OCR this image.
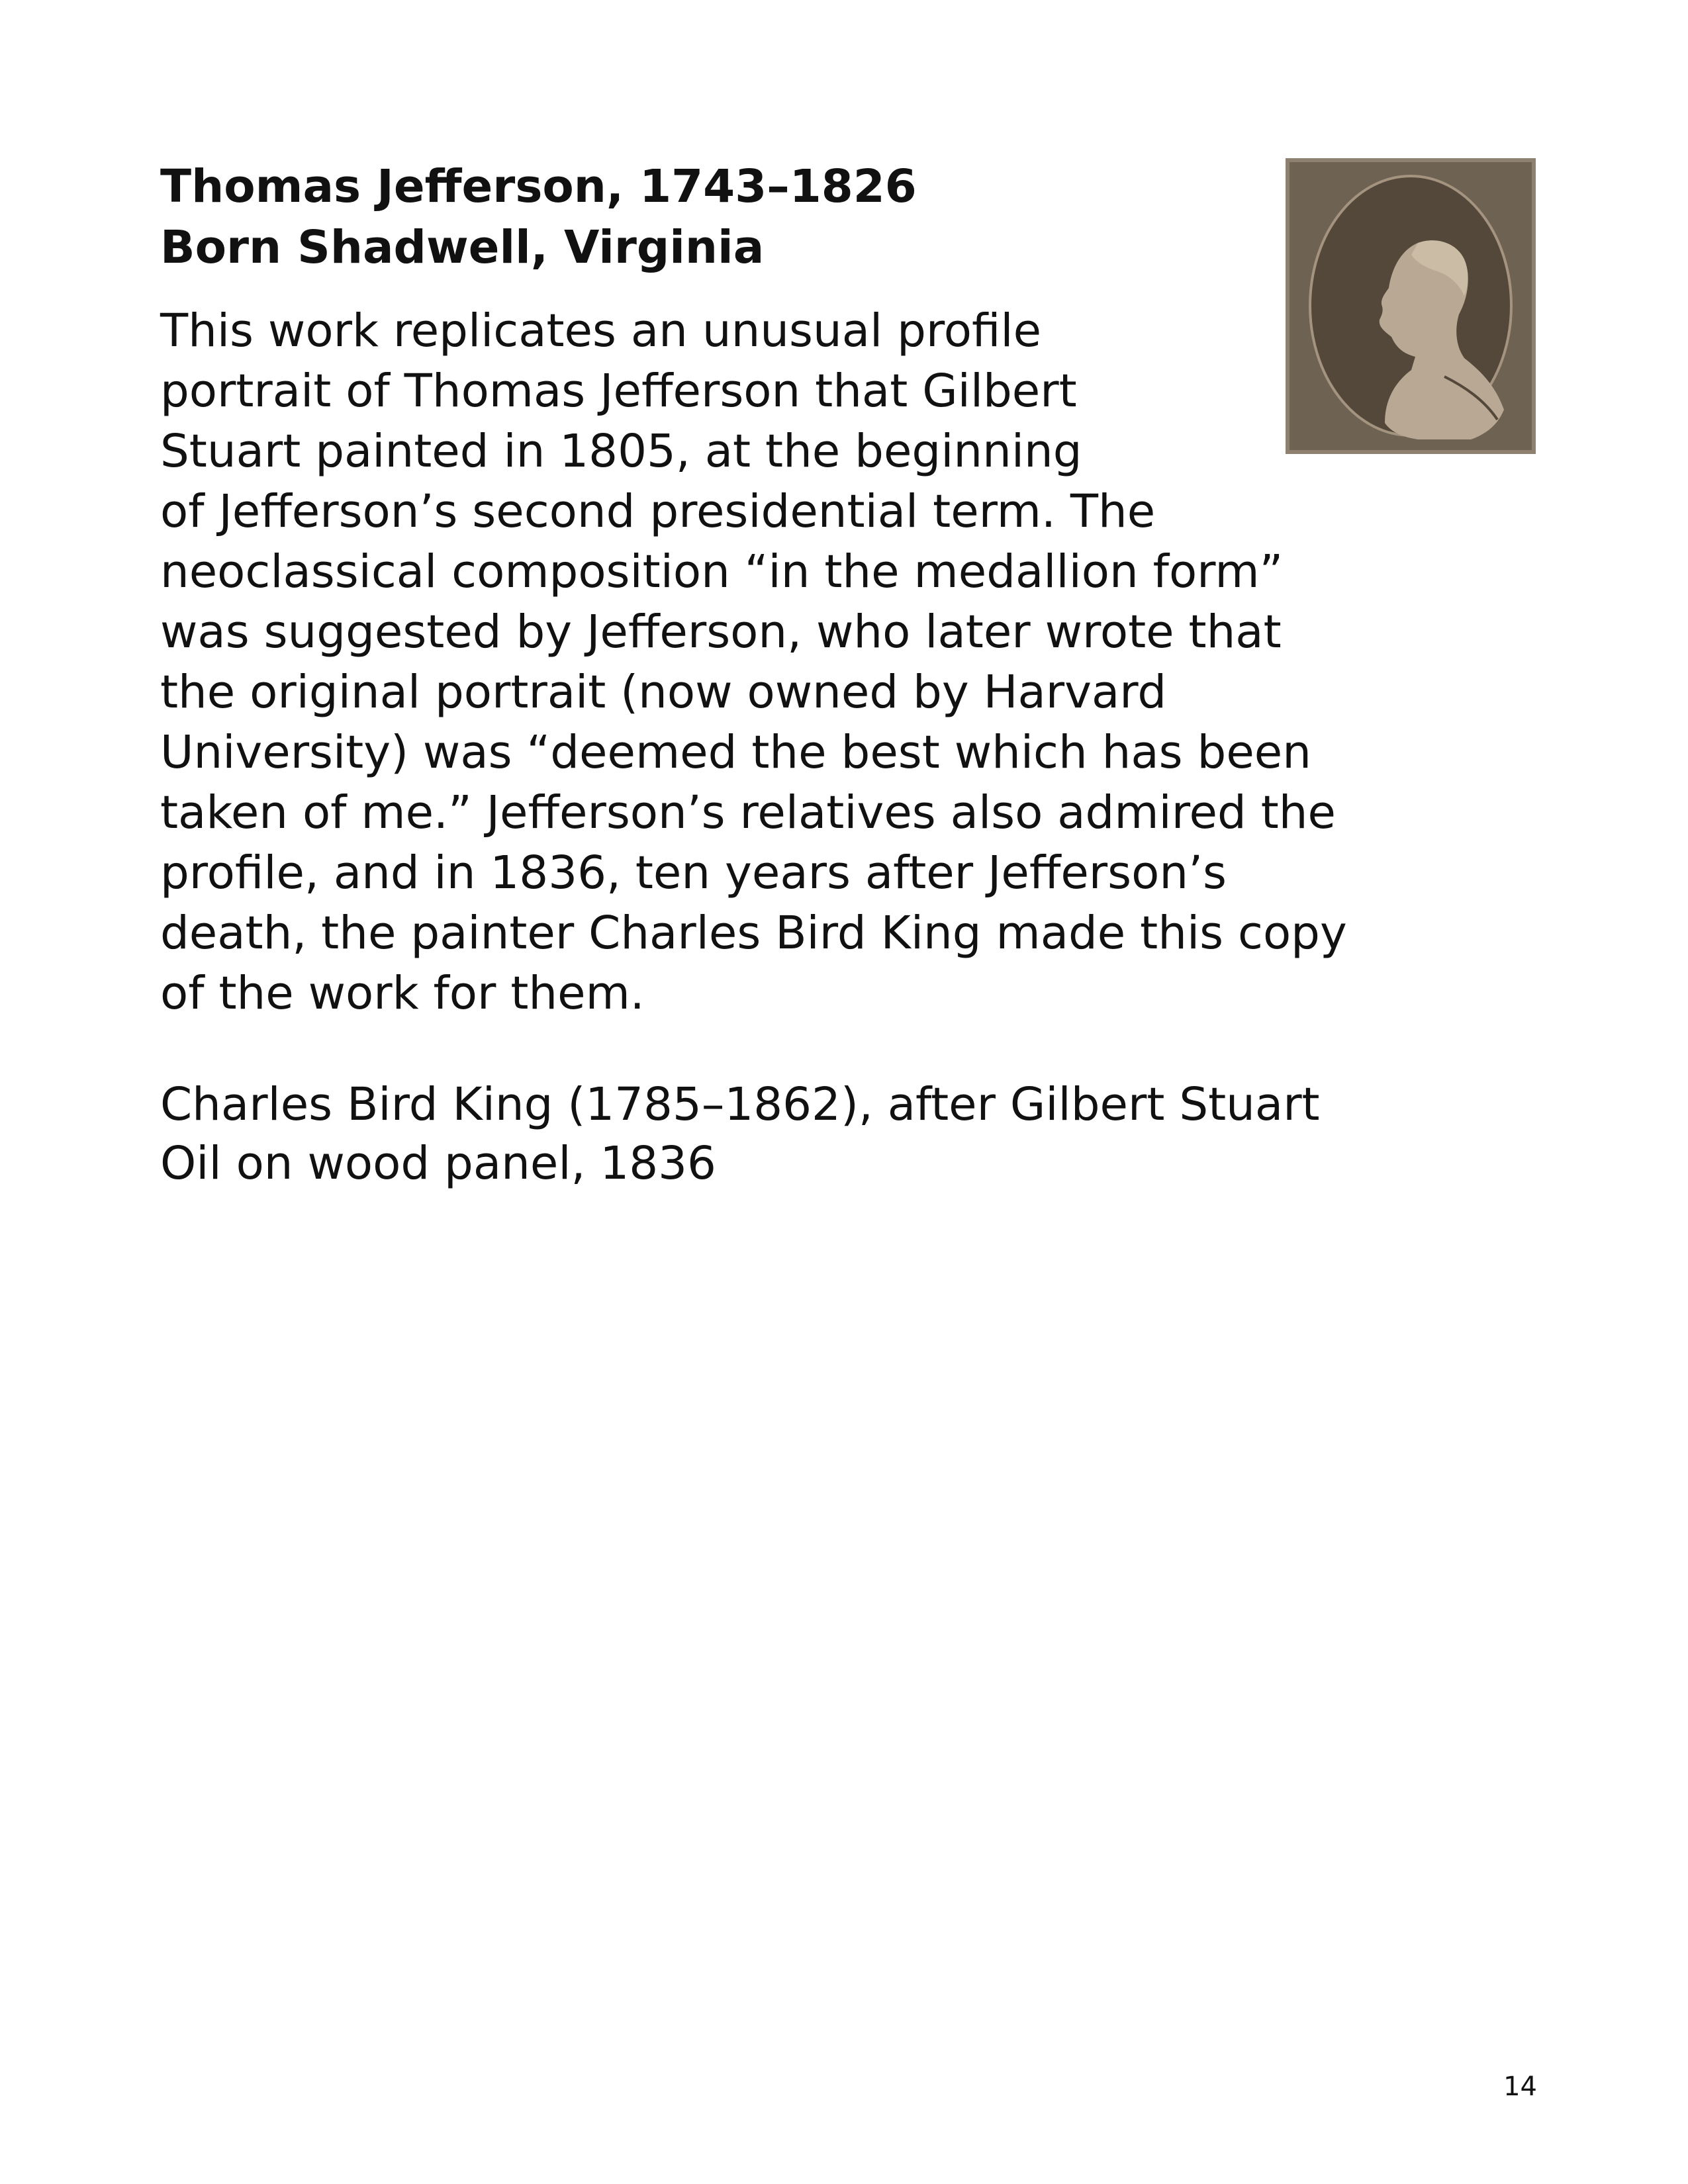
Thomas Jefferson, 1743–1826
Born Shadwell, Virginia
This work replicates an unusual profile
portrait of Thomas Jefferson that Gilbert
Stuart painted in 1805, at the beginning
of Jefferson’s second presidential term. The
neoclassical composition “in the medallion form”
was suggested by Jefferson, who later wrote that
the original portrait (now owned by Harvard
University) was “deemed the best which has been
taken of me.” Jefferson’s relatives also admired the
profile, and in 1836, ten years after Jefferson’s
death, the painter Charles Bird King made this copy
of the work for them.
Charles Bird King (1785–1862), after Gilbert Stuart
Oil on wood panel, 1836
14
